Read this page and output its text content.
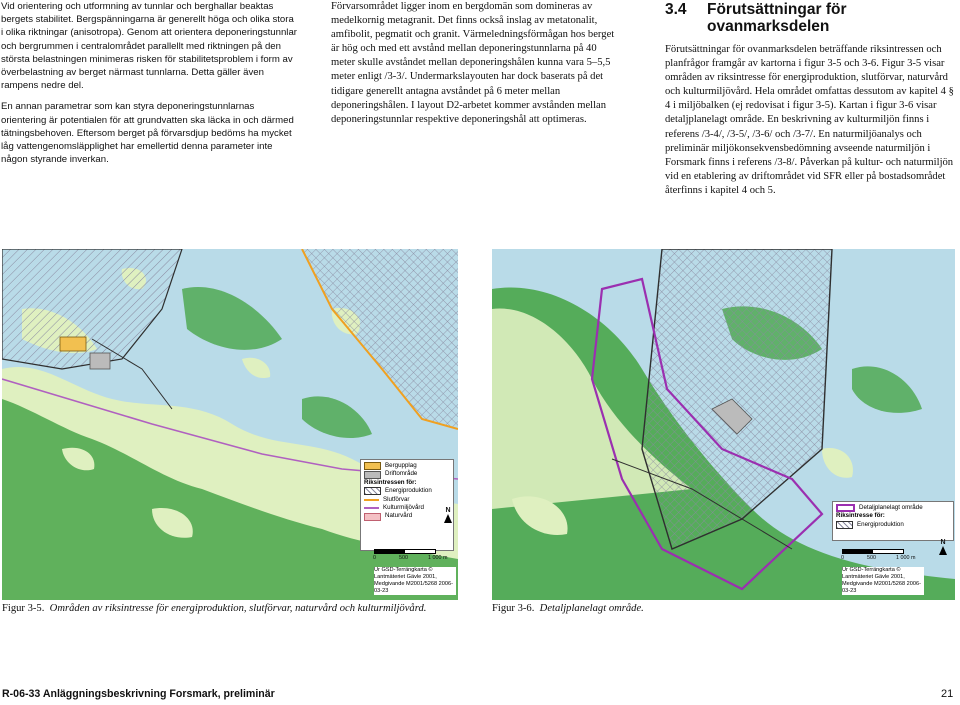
Vid orientering och utformning av tunnlar och berghallar beaktas bergets stabilitet. Bergspänningarna är generellt höga och olika stora i olika riktningar (anisotropa). Genom att orientera deponeringstunnlar och bergrummen i centralområdet parallellt med riktningen på den största belastningen minimeras risken för stabilitetsproblem i form av överbelastning av berget närmast tunnlarna. Detta gäller även rampens nedre del.

En annan parametrar som kan styra deponeringstunnlarnas orientering är potentialen för att grundvatten ska läcka in och därmed tätningsbehoven. Eftersom berget på förvarsdjup bedöms ha mycket låg vattengenomsläpplighet har emellertid denna parameter inte någon styrande inverkan.

Förvarsområdet ligger inom en bergdomän som domineras av medelkornig metagranit. Det finns också inslag av metatonalit, amfibolit, pegmatit och granit. Värmeledningsförmågan hos berget är hög och med ett avstånd mellan deponeringstunnlarna på 40 meter skulle avståndet mellan deponeringshålen kunna vara 5–5,5 meter enligt /3-3/. Undermarkslayouten har dock baserats på det tidigare generellt antagna avståndet på 6 meter mellan deponeringshålen. I layout D2-arbetet kommer avstånden mellan deponeringstunnlar respektive deponeringshål att optimeras.

3.4 Förutsättningar för ovanmarksdelen

Förutsättningar för ovanmarksdelen beträffande riksintressen och planfrågor framgår av kartorna i figur 3-5 och 3-6. Figur 3-5 visar områden av riksintresse för energiproduktion, slutförvar, naturvård och kulturmiljövård. Hela området omfattas dessutom av kapitel 4 § 4 i miljöbalken (ej redovisat i figur 3-5). Kartan i figur 3-6 visar detaljplanelagt område. En beskrivning av kulturmiljön finns i referens /3-4/, /3-5/, /3-6/ och /3-7/. En naturmiljöanalys och preliminär miljökonsekvensbedömning avseende naturmiljön i Forsmark finns i referens /3-8/. Påverkan på kultur- och naturmiljön vid en etablering av driftområdet vid SFR eller på bostadsområdet återfinns i kapitel 4 och 5.

Bergupplag
Driftområde
Riksintressen för:
Energiproduktion
Slutförvar
Kulturmiljövård
Naturvård
N
0	500	1 000 m
Ur GSD-Terrängkarta © Lantmäteriet Gävle 2001, Medgivande M2001/5268 2006-03-23
Detaljplanelagt område
Riksintresse för:
Energiproduktion
N
0	500	1 000 m
Ur GSD-Terrängkarta © Lantmäteriet Gävle 2001, Medgivande M2001/5268 2006-03-23
Figur 3-5. Områden av riksintresse för energiproduktion, slutförvar, naturvård och kulturmiljövård.	Figur 3-6. Detaljplanelagt område.
R-06-33 Anläggningsbeskrivning Forsmark, preliminär	21
